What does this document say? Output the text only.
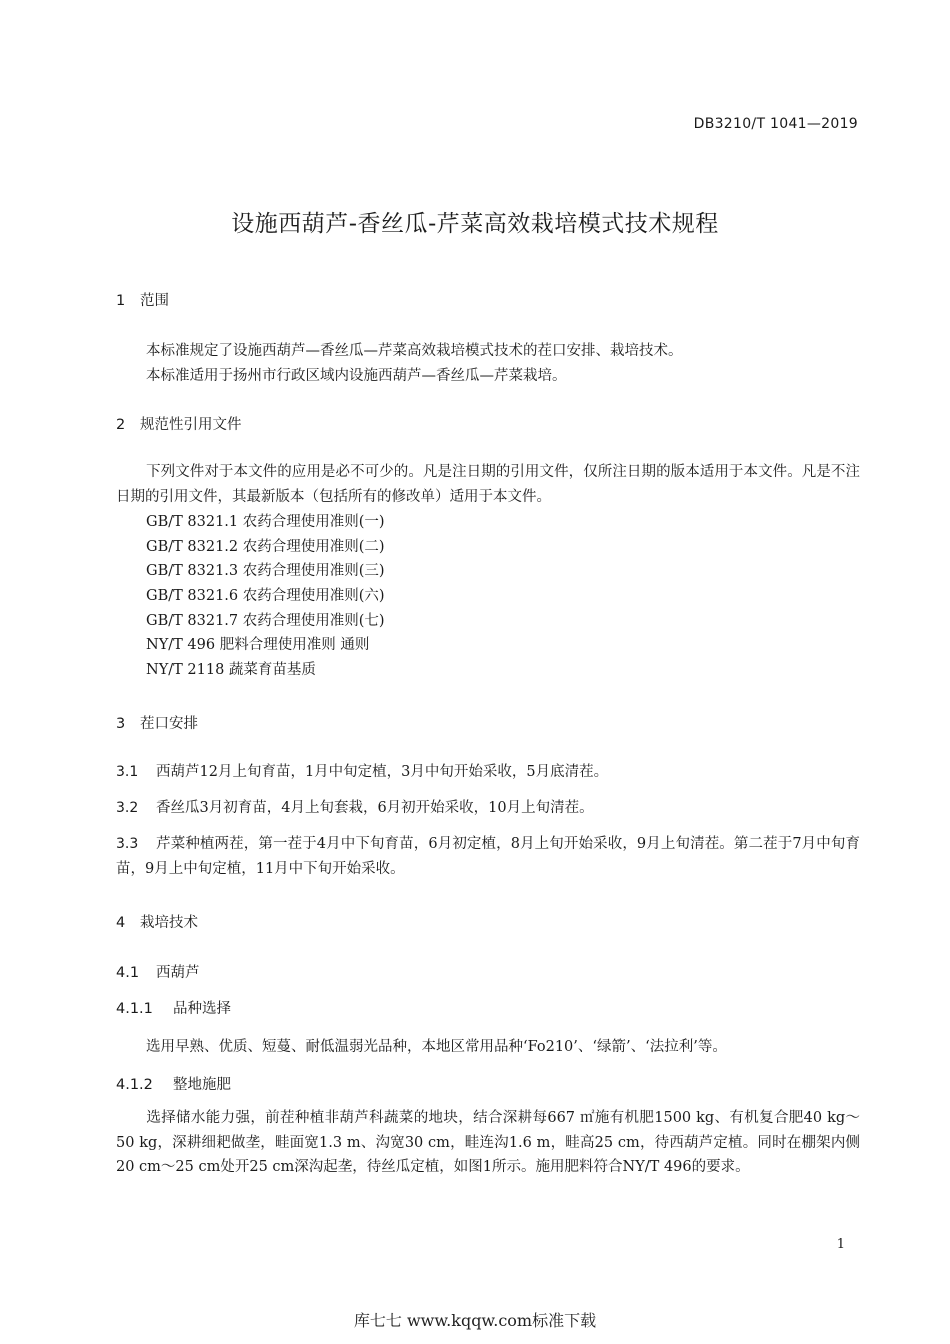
DB3210/T 1041—2019
设施西葫芦-香丝瓜-芹菜高效栽培模式技术规程
1 范围
本标准规定了设施西葫芦—香丝瓜—芹菜高效栽培模式技术的茬口安排、栽培技术。
本标准适用于扬州市行政区域内设施西葫芦—香丝瓜—芹菜栽培。
2 规范性引用文件
下列文件对于本文件的应用是必不可少的。凡是注日期的引用文件，仅所注日期的版本适用于本文件。凡是不注日期的引用文件，其最新版本（包括所有的修改单）适用于本文件。
GB/T 8321.1 农药合理使用准则(一)
GB/T 8321.2 农药合理使用准则(二)
GB/T 8321.3 农药合理使用准则(三)
GB/T 8321.6 农药合理使用准则(六)
GB/T 8321.7 农药合理使用准则(七)
NY/T 496 肥料合理使用准则 通则
NY/T 2118 蔬菜育苗基质
3 茬口安排
3.1 西葫芦12月上旬育苗，1月中旬定植，3月中旬开始采收，5月底清茬。
3.2 香丝瓜3月初育苗，4月上旬套栽，6月初开始采收，10月上旬清茬。
3.3 芹菜种植两茬，第一茬于4月中下旬育苗，6月初定植，8月上旬开始采收，9月上旬清茬。第二茬于7月中旬育苗，9月上中旬定植，11月中下旬开始采收。
4 栽培技术
4.1 西葫芦
4.1.1 品种选择
选用早熟、优质、短蔓、耐低温弱光品种，本地区常用品种‘Fo210’、‘绿箭’、‘法拉利’等。
4.1.2 整地施肥
选择储水能力强，前茬种植非葫芦科蔬菜的地块，结合深耕每667 ㎡施有机肥1500 kg、有机复合肥40 kg～50 kg，深耕细耙做垄，畦面宽1.3 m、沟宽30 cm，畦连沟1.6 m，畦高25 cm，待西葫芦定植。同时在棚架内侧20 cm～25 cm处开25 cm深沟起垄，待丝瓜定植，如图1所示。施用肥料符合NY/T 496的要求。
1
库七七 www.kqqw.com标准下载
